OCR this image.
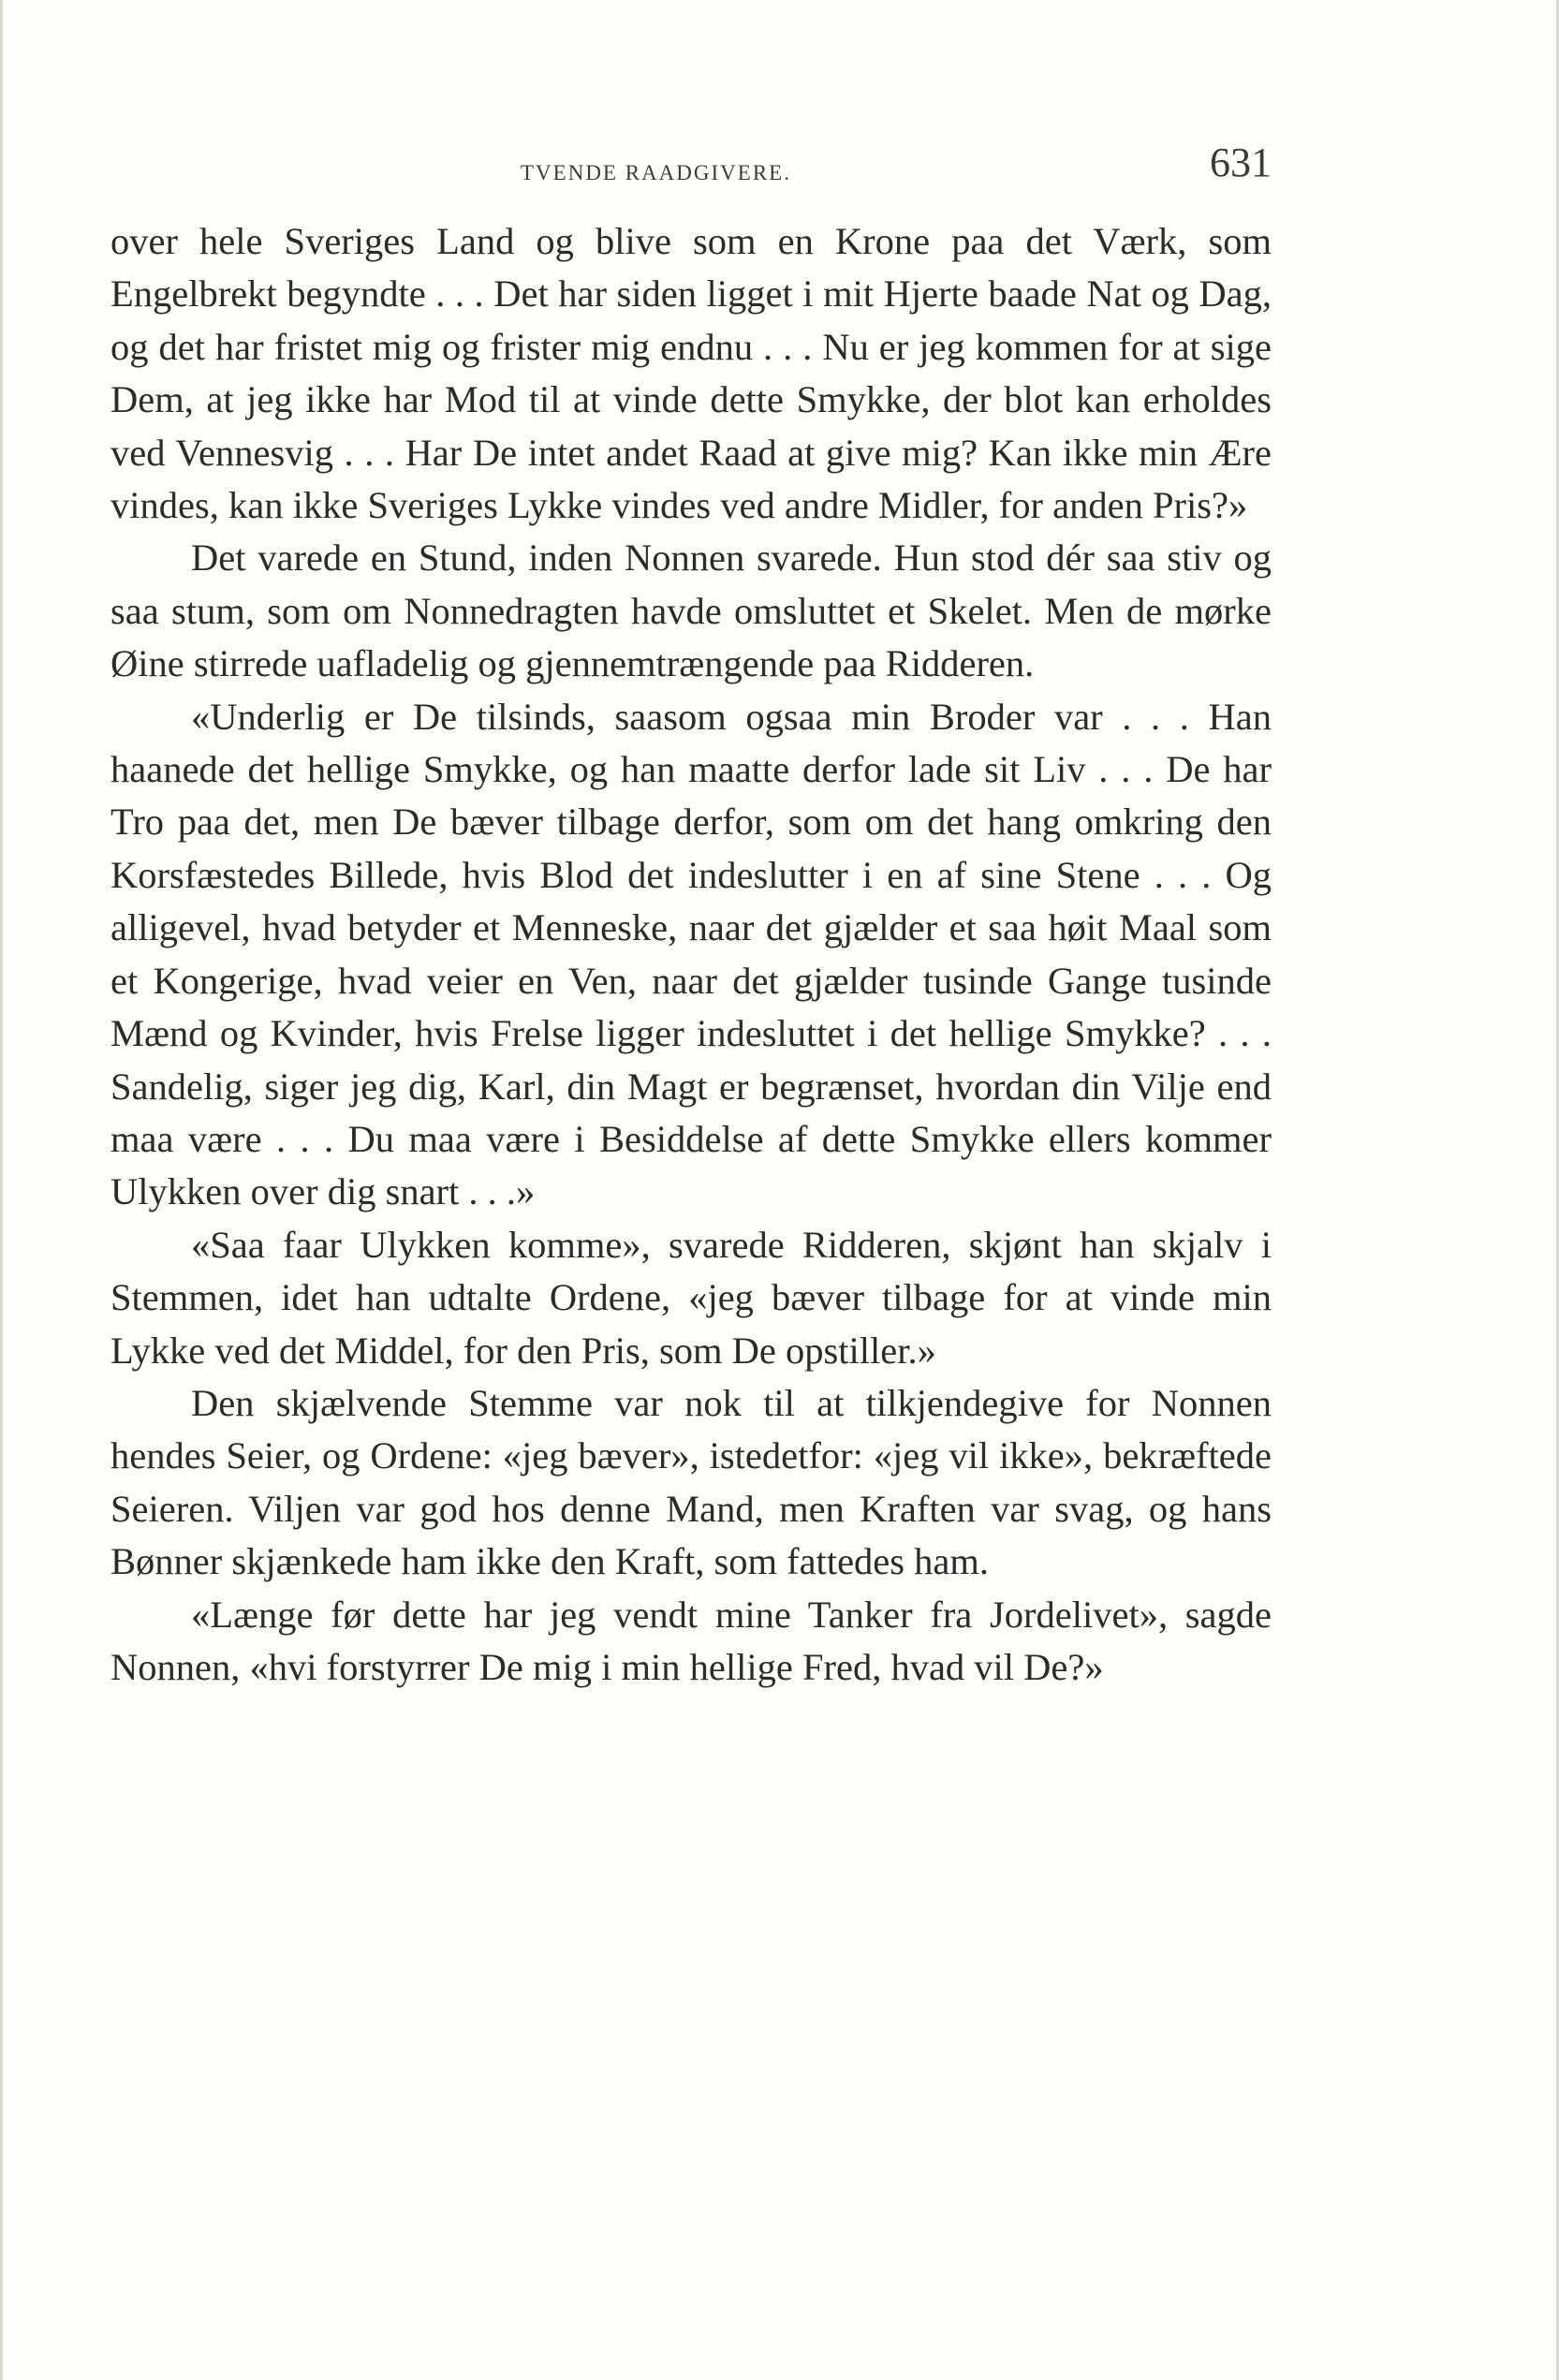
TVENDE RAADGIVERE.	631

over hele Sveriges Land og blive som en Krone paa det Værk, som Engelbrekt begyndte . . . Det har siden ligget i mit Hjerte baade Nat og Dag, og det har fristet mig og frister mig endnu . . . Nu er jeg kommen for at sige Dem, at jeg ikke har Mod til at vinde dette Smykke, der blot kan erholdes ved Vennesvig . . . Har De intet andet Raad at give mig? Kan ikke min Ære vindes, kan ikke Sveriges Lykke vindes ved andre Midler, for anden Pris?»

Det varede en Stund, inden Nonnen svarede. Hun stod dér saa stiv og saa stum, som om Nonnedragten havde omsluttet et Skelet. Men de mørke Øine stirrede uafladelig og gjennemtrængende paa Ridderen.

«Underlig er De tilsinds, saasom ogsaa min Broder var . . . Han haanede det hellige Smykke, og han maatte derfor lade sit Liv . . . De har Tro paa det, men De bæver tilbage derfor, som om det hang omkring den Korsfæstedes Billede, hvis Blod det indeslutter i en af sine Stene . . . Og alligevel, hvad betyder et Menneske, naar det gjælder et saa høit Maal som et Kongerige, hvad veier en Ven, naar det gjælder tusinde Gange tusinde Mænd og Kvinder, hvis Frelse ligger indesluttet i det hellige Smykke? . . . Sandelig, siger jeg dig, Karl, din Magt er begrænset, hvordan din Vilje end maa være . . . Du maa være i Besiddelse af dette Smykke ellers kommer Ulykken over dig snart . . .»

«Saa faar Ulykken komme», svarede Ridderen, skjønt han skjalv i Stemmen, idet han udtalte Ordene, «jeg bæver tilbage for at vinde min Lykke ved det Middel, for den Pris, som De opstiller.»

Den skjælvende Stemme var nok til at tilkjendegive for Nonnen hendes Seier, og Ordene: «jeg bæver», istedetfor: «jeg vil ikke», bekræftede Seieren. Viljen var god hos denne Mand, men Kraften var svag, og hans Bønner skjænkede ham ikke den Kraft, som fattedes ham.

«Længe før dette har jeg vendt mine Tanker fra Jordelivet», sagde Nonnen, «hvi forstyrrer De mig i min hellige Fred, hvad vil De?»
